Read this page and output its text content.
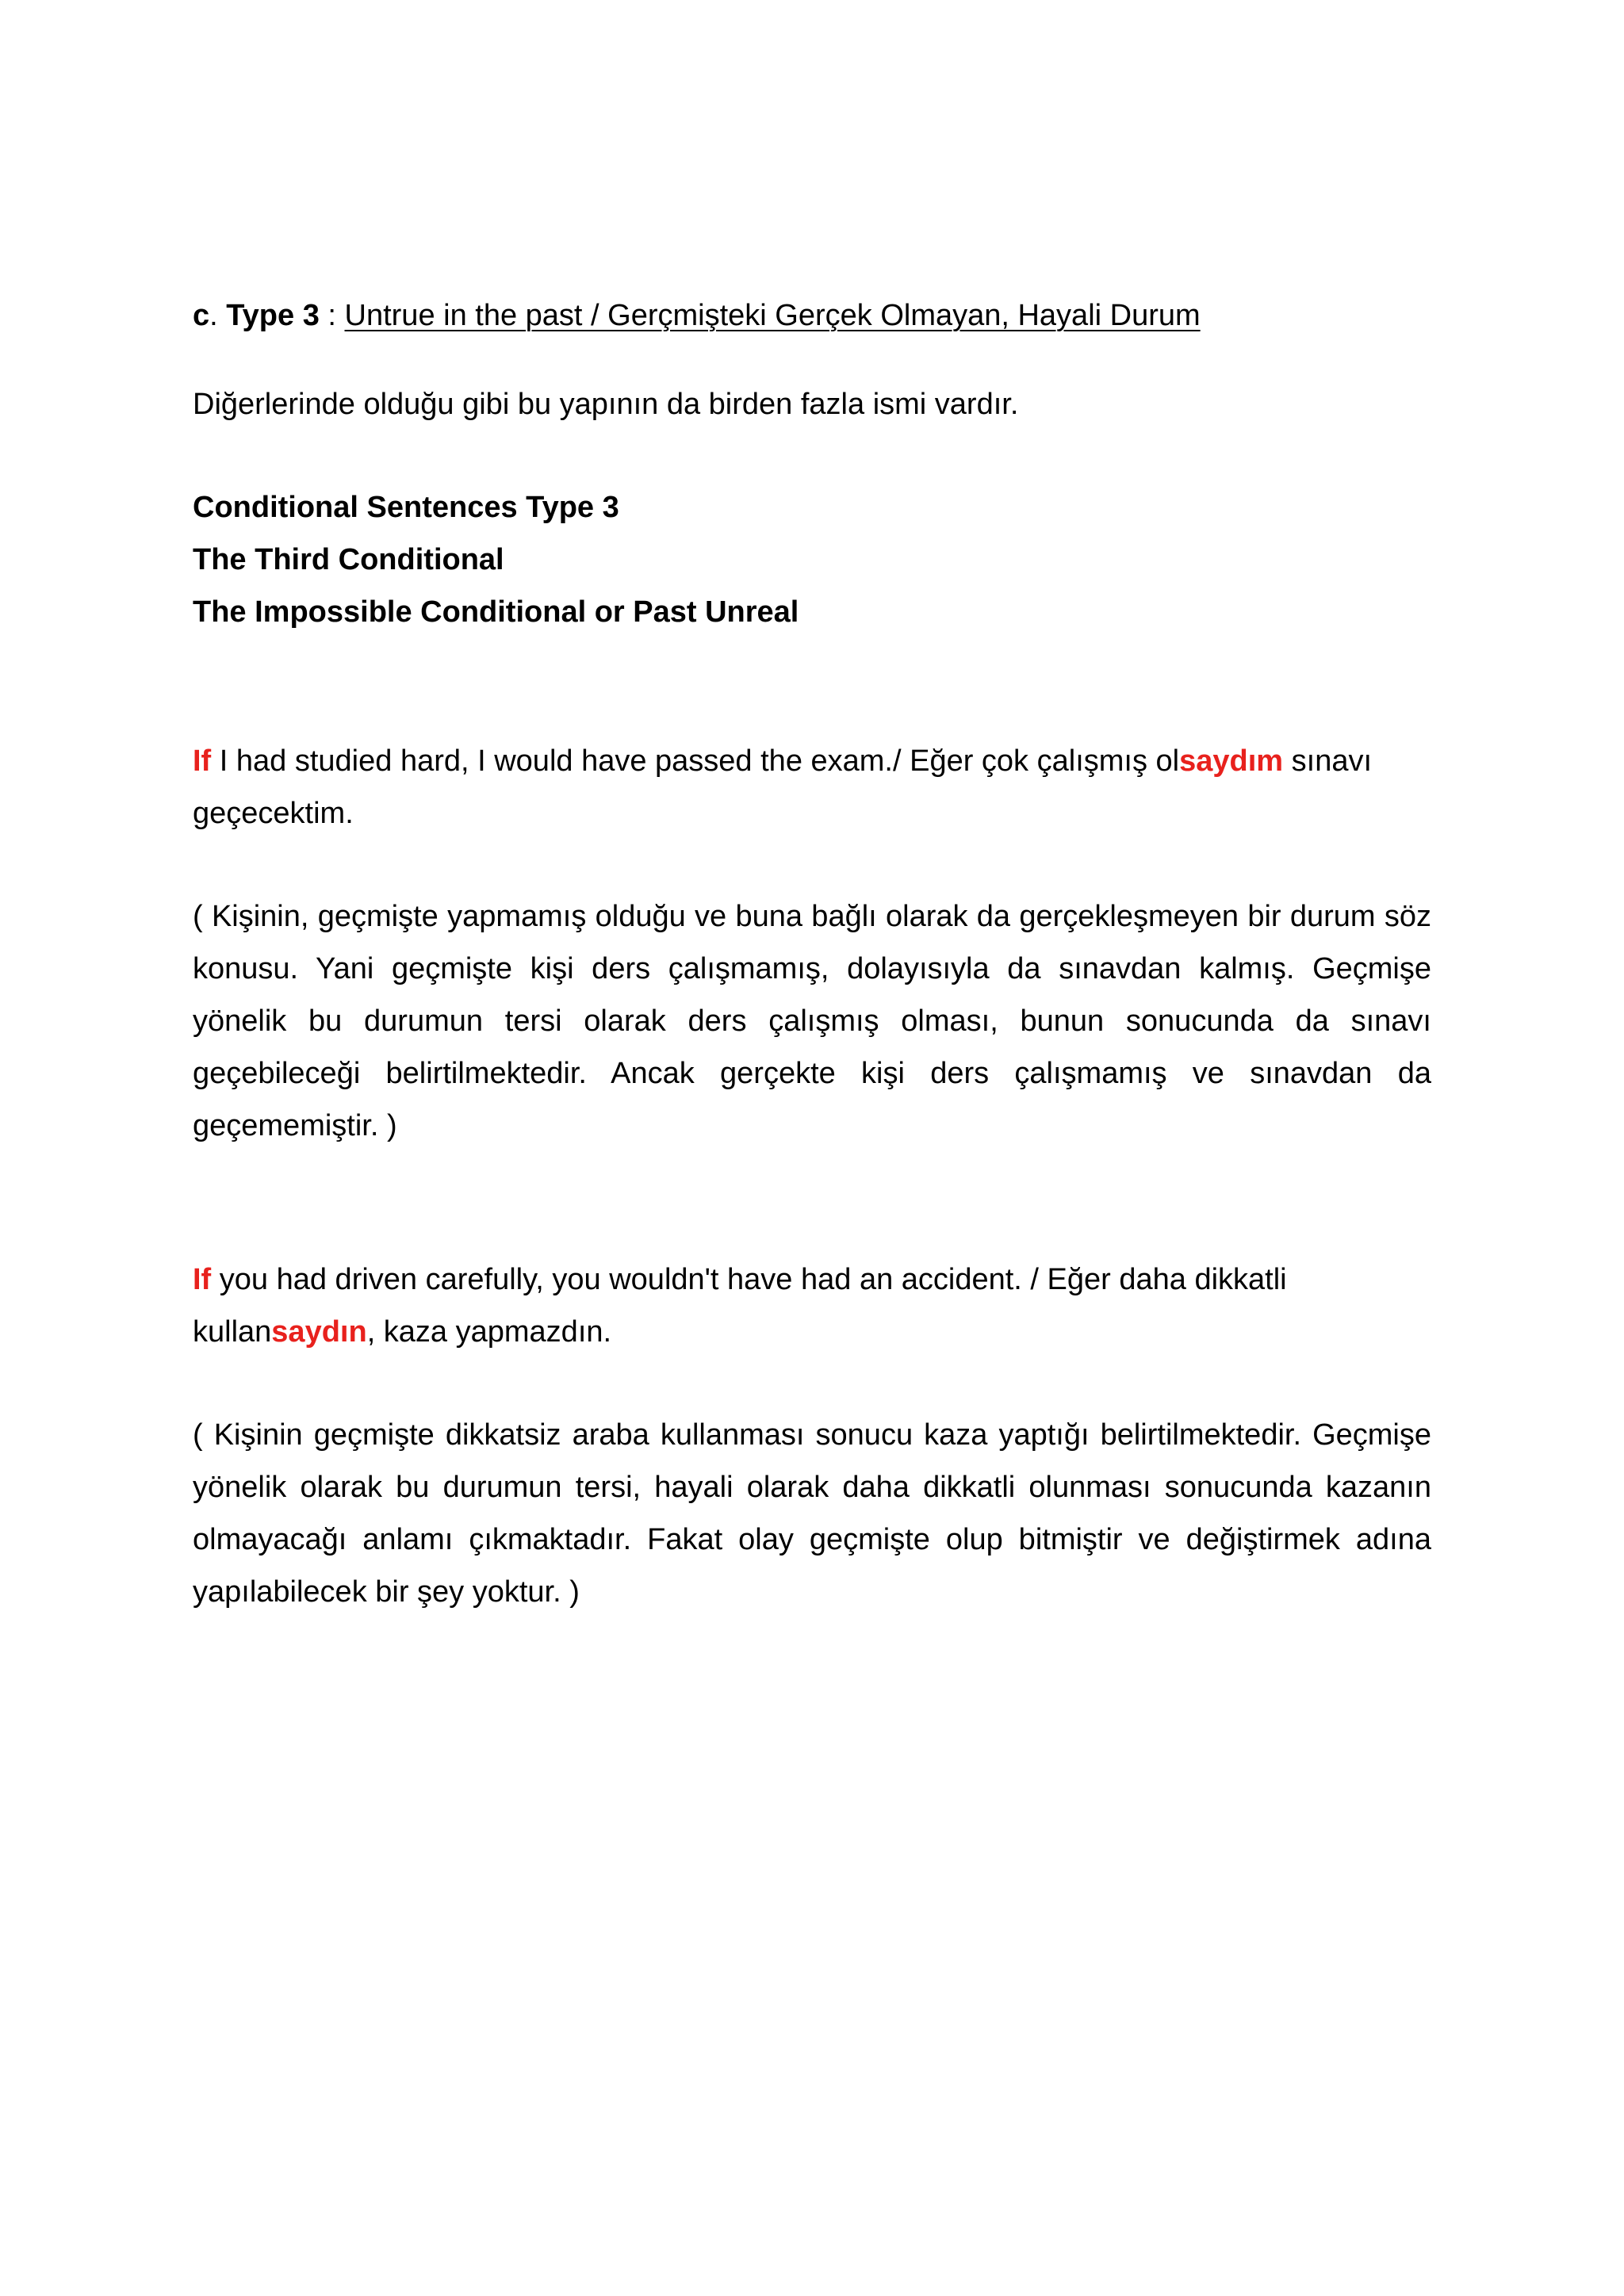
c. Type 3 : Untrue in the past / Gerçmişteki Gerçek Olmayan, Hayali Durum

Diğerlerinde olduğu gibi bu yapının da birden fazla ismi vardır.

Conditional Sentences Type 3

The Third Conditional

The Impossible Conditional or Past Unreal

If I had studied hard, I would have passed the exam./ Eğer çok çalışmış olsaydım sınavı geçecektim.

( Kişinin, geçmişte yapmamış olduğu ve buna bağlı olarak da gerçekleşmeyen bir durum söz konusu. Yani geçmişte kişi ders çalışmamış, dolayısıyla da sınavdan kalmış. Geçmişe yönelik bu durumun tersi olarak ders çalışmış olması, bunun sonucunda da sınavı geçebileceği belirtilmektedir. Ancak gerçekte kişi ders çalışmamış ve sınavdan da geçememiştir. )

If you had driven carefully, you wouldn't have had an accident. / Eğer daha dikkatli kullansaydın, kaza yapmazdın.

( Kişinin geçmişte dikkatsiz araba kullanması sonucu kaza yaptığı belirtilmektedir. Geçmişe yönelik olarak bu durumun tersi, hayali olarak daha dikkatli olunması sonucunda kazanın olmayacağı anlamı çıkmaktadır. Fakat olay geçmişte olup bitmiştir ve değiştirmek adına yapılabilecek bir şey yoktur. )
